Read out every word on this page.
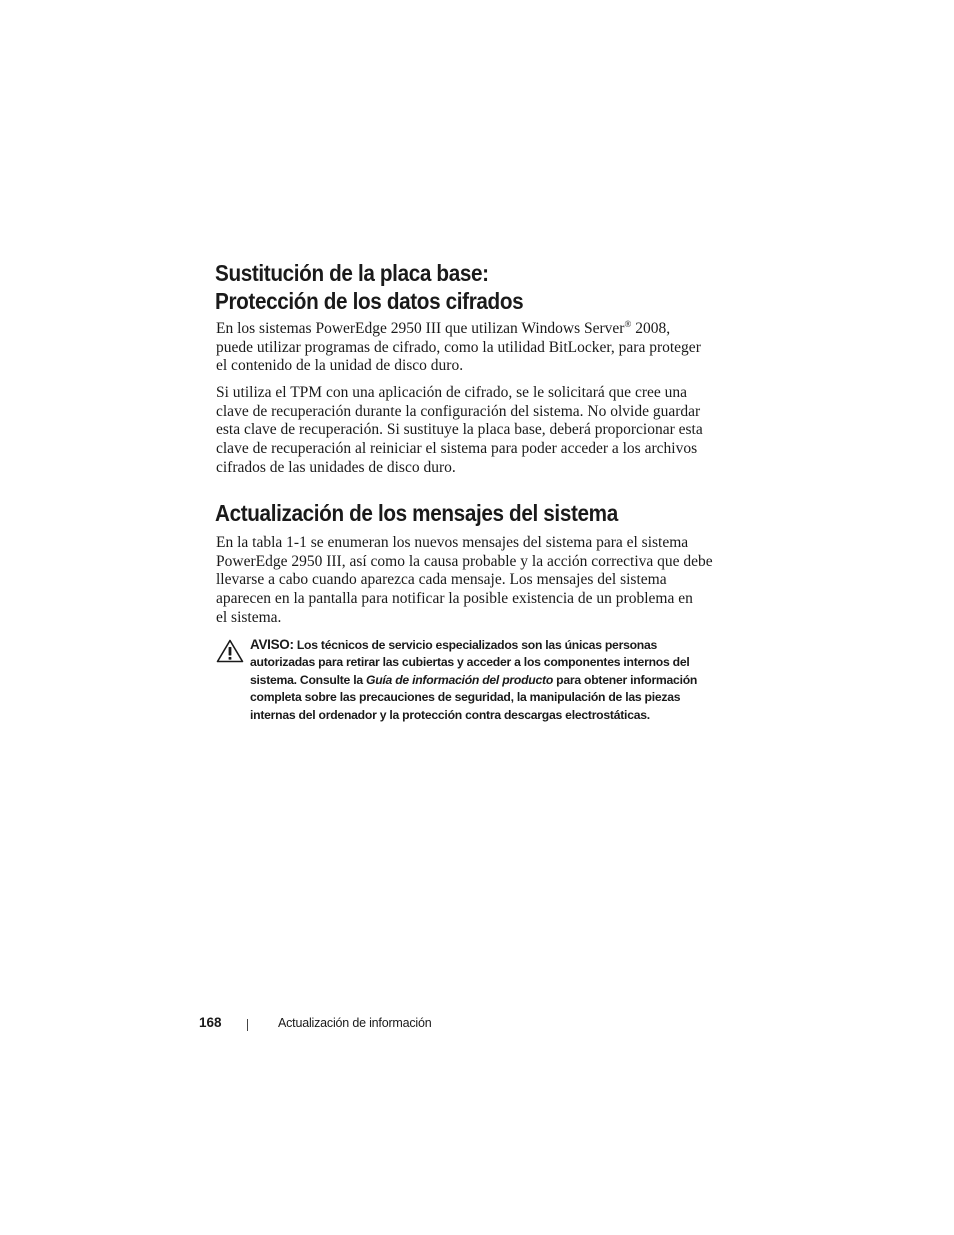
Sustitución de la placa base:
Protección de los datos cifrados

En los sistemas PowerEdge 2950 III que utilizan Windows Server® 2008,
puede utilizar programas de cifrado, como la utilidad BitLocker, para proteger
el contenido de la unidad de disco duro.

Si utiliza el TPM con una aplicación de cifrado, se le solicitará que cree una
clave de recuperación durante la configuración del sistema. No olvide guardar
esta clave de recuperación. Si sustituye la placa base, deberá proporcionar esta
clave de recuperación al reiniciar el sistema para poder acceder a los archivos
cifrados de las unidades de disco duro.

Actualización de los mensajes del sistema

En la tabla 1-1 se enumeran los nuevos mensajes del sistema para el sistema
PowerEdge 2950 III, así como la causa probable y la acción correctiva que debe
llevarse a cabo cuando aparezca cada mensaje. Los mensajes del sistema
aparecen en la pantalla para notificar la posible existencia de un problema en
el sistema.

AVISO: Los técnicos de servicio especializados son las únicas personas
autorizadas para retirar las cubiertas y acceder a los componentes internos del
sistema. Consulte la Guía de información del producto para obtener información
completa sobre las precauciones de seguridad, la manipulación de las piezas
internas del ordenador y la protección contra descargas electrostáticas.

168	Actualización de información
